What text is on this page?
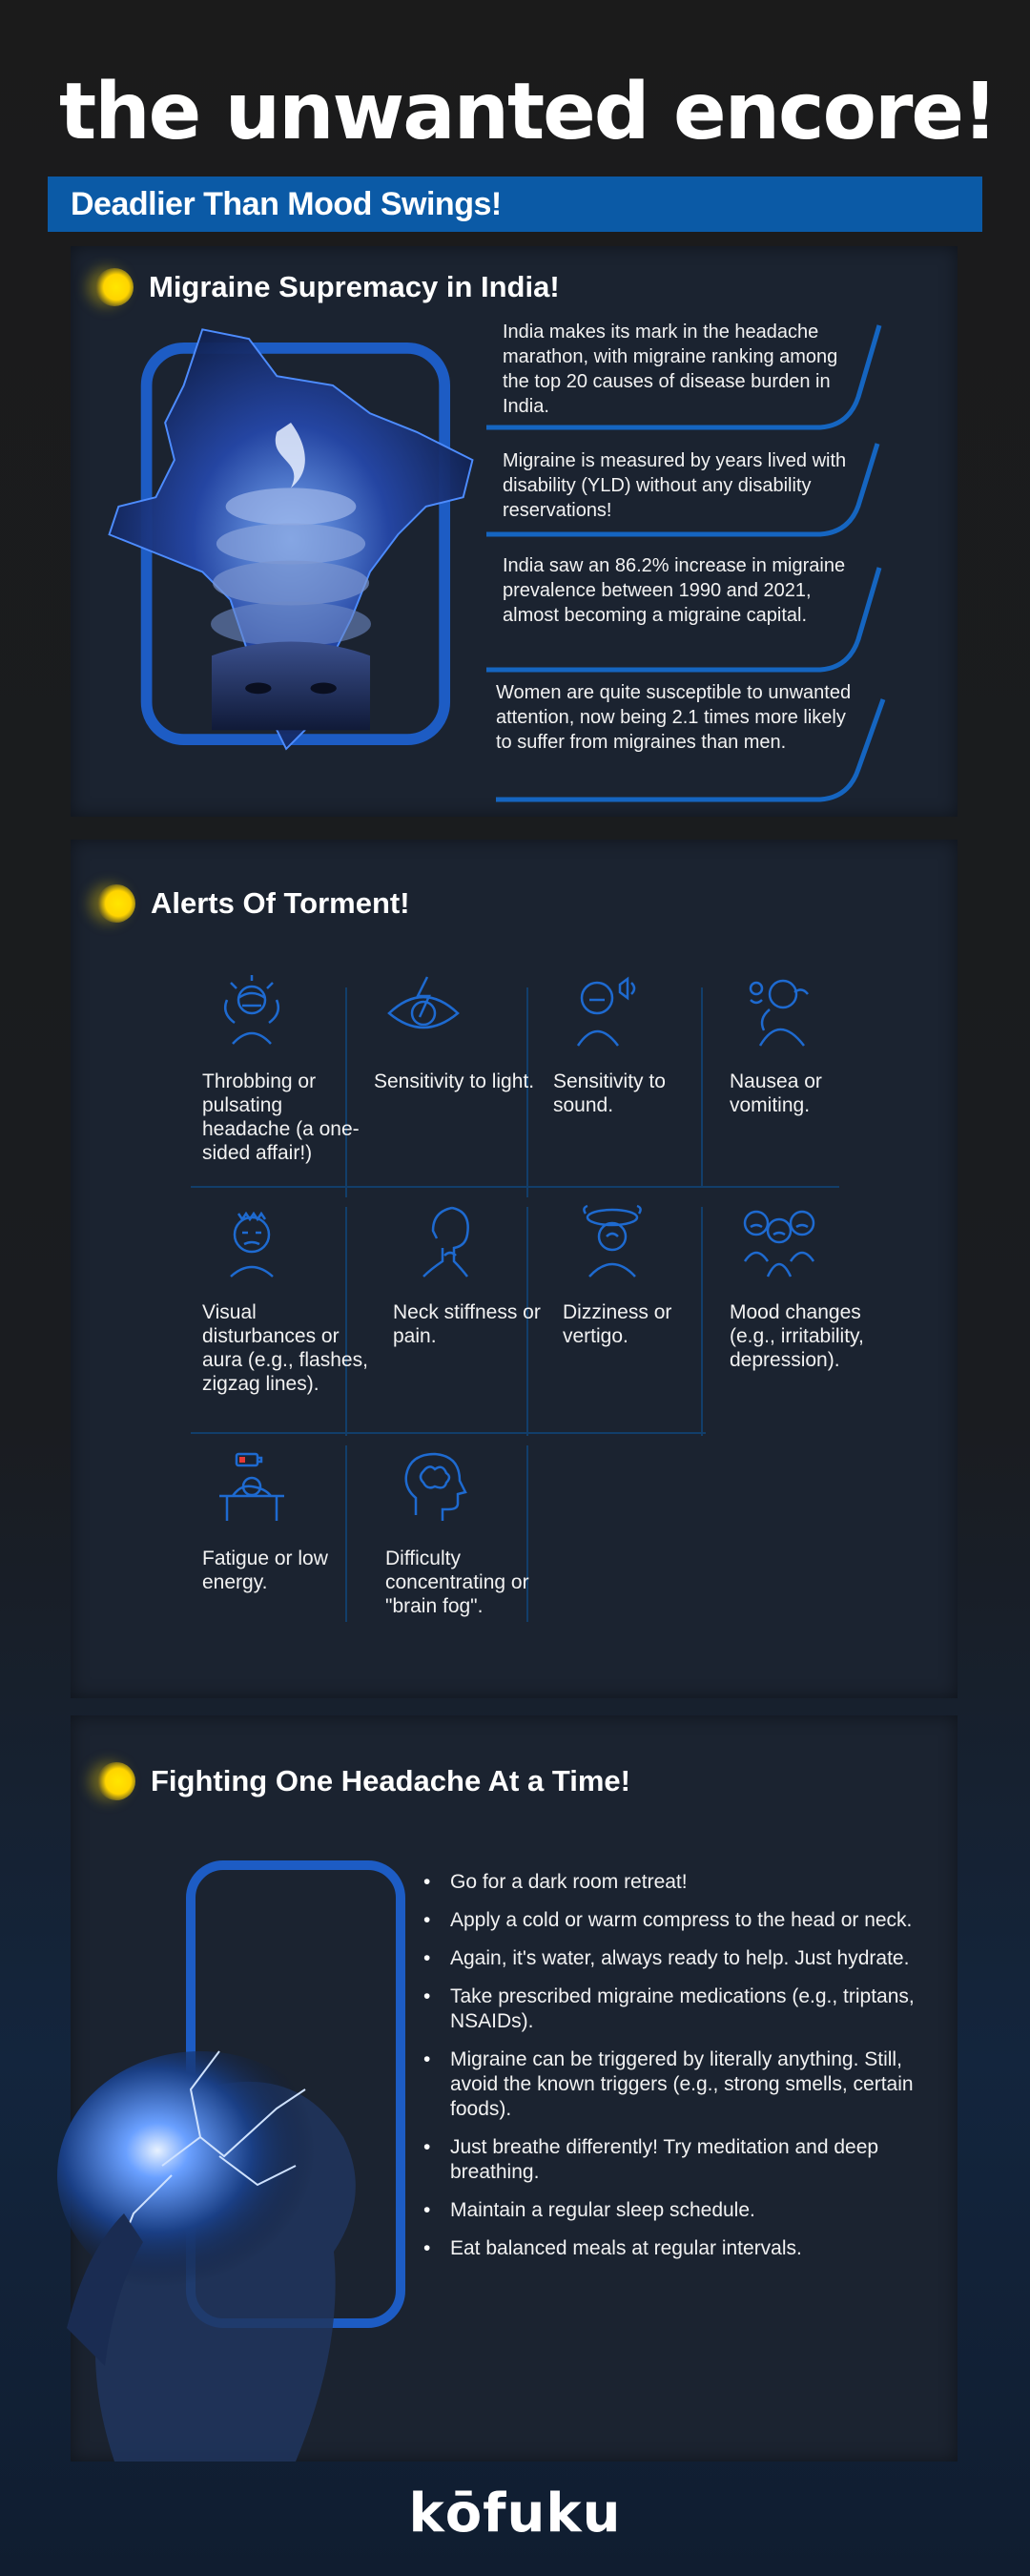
the unwanted encore!
Deadlier Than Mood Swings!
Migraine Supremacy in India!
India makes its mark in the headache marathon, with migraine ranking among the top 20 causes of disease burden in India.
Migraine is measured by years lived with disability (YLD) without any disability reservations!
India saw an 86.2% increase in migraine prevalence between 1990 and 2021, almost becoming a migraine capital.
Women are quite susceptible to unwanted attention, now being 2.1 times more likely to suffer from migraines than men.
Alerts Of Torment!
Throbbing or pulsating headache (a one-sided affair!)
Sensitivity to light. Sensitivity to sound.
Nausea or vomiting.
Visual disturbances or aura (e.g., flashes, zigzag lines).
Neck stiffness or pain.
Dizziness or vertigo.
Mood changes (e.g., irritability, depression).
Fatigue or low energy.
Difficulty concentrating or "brain fog".
Fighting One Headache At a Time!
• Go for a dark room retreat!
• Apply a cold or warm compress to the head or neck.
• Again, it's water, always ready to help. Just hydrate.
• Take prescribed migraine medications (e.g., triptans, NSAIDs).
• Migraine can be triggered by literally anything. Still, avoid the known triggers (e.g., strong smells, certain foods).
• Just breathe differently! Try meditation and deep breathing.
• Maintain a regular sleep schedule.
• Eat balanced meals at regular intervals.
kōfuku
